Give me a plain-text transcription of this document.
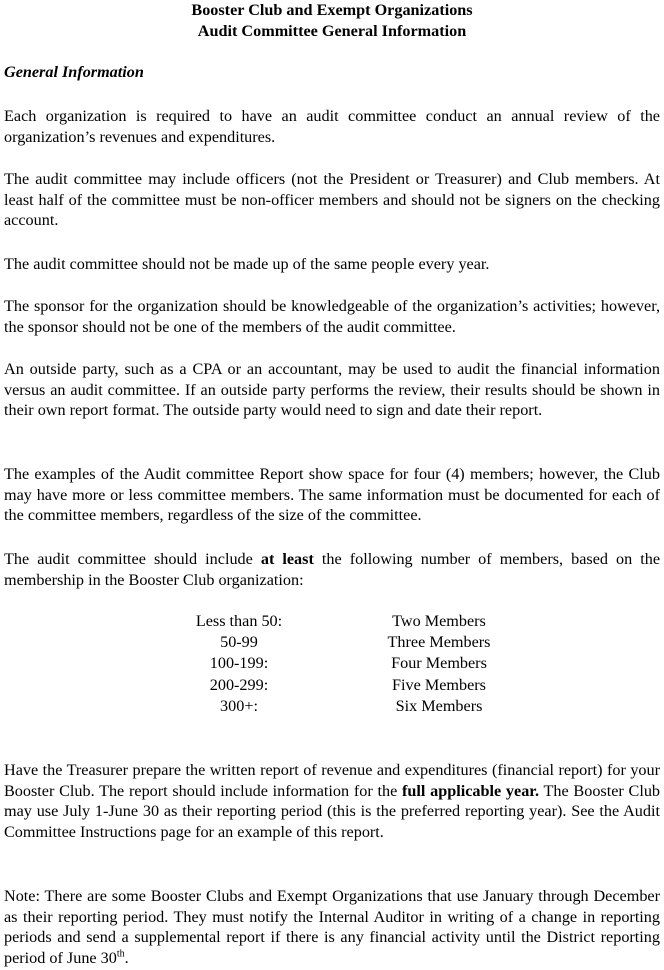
Booster Club and Exempt Organizations
Audit Committee General Information
General Information

Each organization is required to have an audit committee conduct an annual review of the organization’s revenues and expenditures.

The audit committee may include officers (not the President or Treasurer) and Club members. At least half of the committee must be non-officer members and should not be signers on the checking account.

The audit committee should not be made up of the same people every year.

The sponsor for the organization should be knowledgeable of the organization’s activities; however, the sponsor should not be one of the members of the audit committee.

An outside party, such as a CPA or an accountant, may be used to audit the financial information versus an audit committee. If an outside party performs the review, their results should be shown in their own report format. The outside party would need to sign and date their report.

The examples of the Audit committee Report show space for four (4) members; however, the Club may have more or less committee members. The same information must be documented for each of the committee members, regardless of the size of the committee.

The audit committee should include at least the following number of members, based on the membership in the Booster Club organization:

Less than 50:	Two Members
50-99	Three Members
100-199:	Four Members
200-299:	Five Members
300+:	Six Members

Have the Treasurer prepare the written report of revenue and expenditures (financial report) for your Booster Club. The report should include information for the full applicable year. The Booster Club may use July 1-June 30 as their reporting period (this is the preferred reporting year). See the Audit Committee Instructions page for an example of this report.

Note: There are some Booster Clubs and Exempt Organizations that use January through December as their reporting period. They must notify the Internal Auditor in writing of a change in reporting periods and send a supplemental report if there is any financial activity until the District reporting period of June 30th.
